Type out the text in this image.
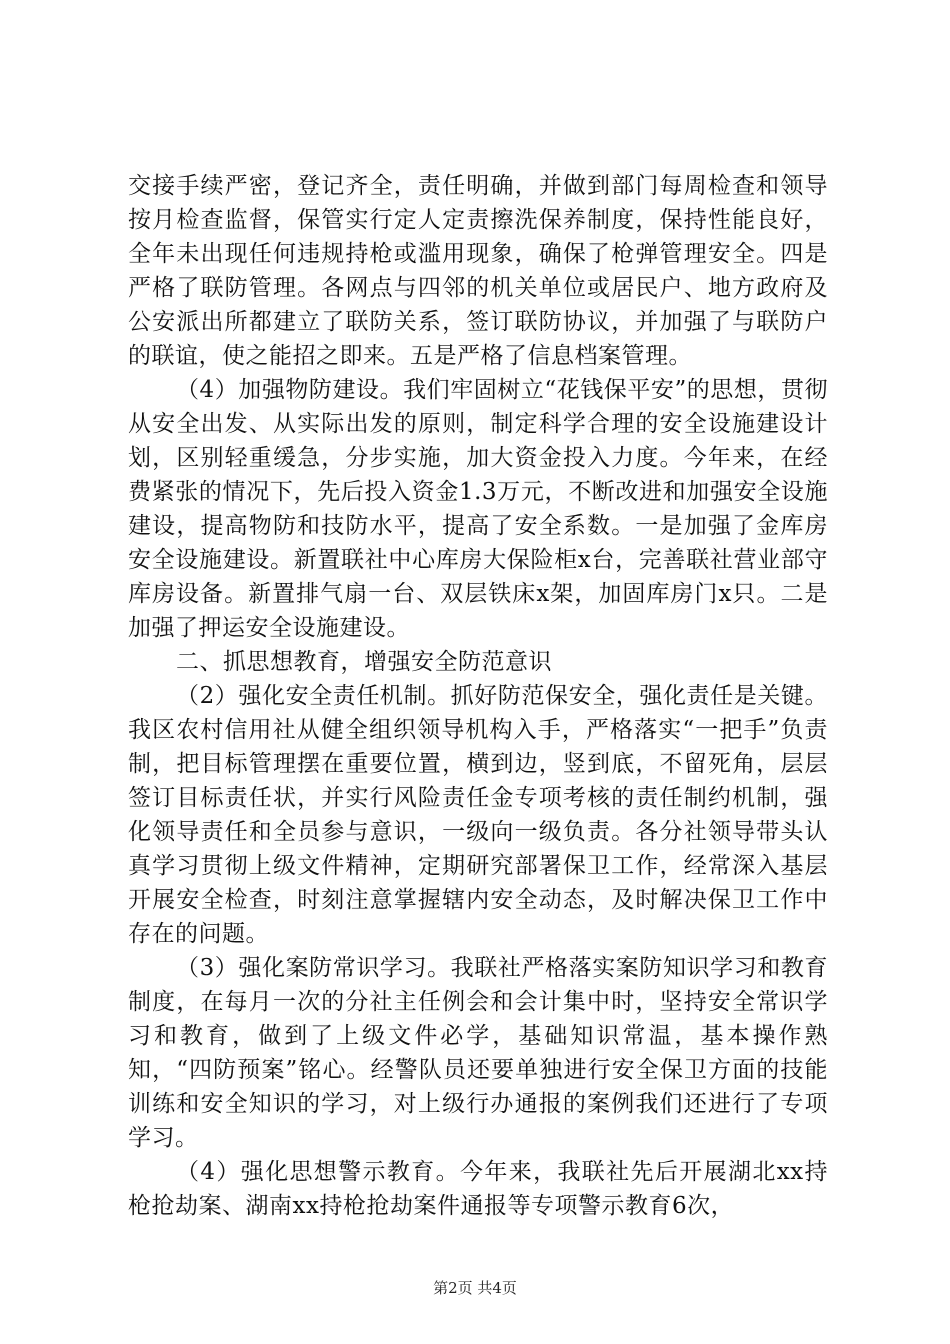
交接手续严密，登记齐全，责任明确，并做到部门每周检查和领导按月检查监督，保管实行定人定责擦洗保养制度，保持性能良好，全年未出现任何违规持枪或滥用现象，确保了枪弹管理安全。四是严格了联防管理。各网点与四邻的机关单位或居民户、地方政府及公安派出所都建立了联防关系，签订联防协议，并加强了与联防户的联谊，使之能招之即来。五是严格了信息档案管理。

（4）加强物防建设。我们牢固树立“花钱保平安”的思想，贯彻从安全出发、从实际出发的原则，制定科学合理的安全设施建设计划，区别轻重缓急，分步实施，加大资金投入力度。今年来，在经费紧张的情况下，先后投入资金1.3万元，不断改进和加强安全设施建设，提高物防和技防水平，提高了安全系数。一是加强了金库房安全设施建设。新置联社中心库房大保险柜x台，完善联社营业部守库房设备。新置排气扇一台、双层铁床x架，加固库房门x只。二是加强了押运安全设施建设。

二、抓思想教育，增强安全防范意识

（2）强化安全责任机制。抓好防范保安全，强化责任是关键。我区农村信用社从健全组织领导机构入手，严格落实“一把手”负责制，把目标管理摆在重要位置，横到边，竖到底，不留死角，层层签订目标责任状，并实行风险责任金专项考核的责任制约机制，强化领导责任和全员参与意识，一级向一级负责。各分社领导带头认真学习贯彻上级文件精神，定期研究部署保卫工作，经常深入基层开展安全检查，时刻注意掌握辖内安全动态，及时解决保卫工作中存在的问题。

（3）强化案防常识学习。我联社严格落实案防知识学习和教育制度，在每月一次的分社主任例会和会计集中时，坚持安全常识学习和教育，做到了上级文件必学，基础知识常温，基本操作熟知，“四防预案”铭心。经警队员还要单独进行安全保卫方面的技能训练和安全知识的学习，对上级行办通报的案例我们还进行了专项学习。

（4）强化思想警示教育。今年来，我联社先后开展湖北xx持枪抢劫案、湖南xx持枪抢劫案件通报等专项警示教育6次，

第2页 共4页
